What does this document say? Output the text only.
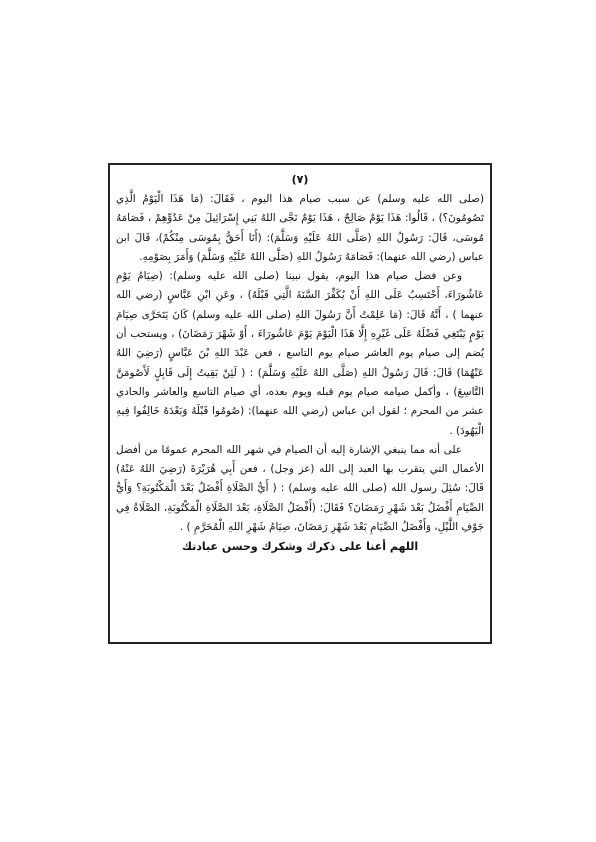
(٧)

(صلى الله عليه وسلم) عن سبب صيام هذا اليوم ، فَقَالَ: (مَا هَذَا الْيَوْمُ الَّذِي تَصُومُونَ؟) ، قَالُوا: هَذَا يَوْمٌ صَالِحٌ ، هَذَا يَوْمٌ نَجَّى اللهُ بَنِي إِسْرَائِيلَ مِنْ عَدُوِّهِمْ ، فَصَامَهُ مُوسَى، قَالَ: رَسُولُ اللهِ (صَلَّى اللهُ عَلَيْهِ وَسَلَّمَ): (أَنَا أَحَقُّ بِمُوسَى مِنْكُمْ)، قَالَ ابن عباس (رضي الله عنهما): فَصَامَهُ رَسُولُ اللهِ (صَلَّى اللهُ عَلَيْهِ وَسَلَّمَ) وَأَمَرَ بِصَوْمِهِ.

وعن فضل صيام هذا اليوم، يقول نبينا (صلى الله عليه وسلم): (صِيَامُ يَوْمِ عَاشُورَاءَ، أَحْتَسِبُ عَلَى اللهِ أَنْ يُكَفِّرَ السَّنَةَ الَّتِي قَبْلَهُ) ، وعَنِ ابْنِ عَبَّاسٍ (رضي الله عنهما ) ، أَنَّهُ قَالَ: (مَا عَلِمْتُ أَنَّ رَسُولَ اللهِ (صلى الله عليه وسلم) كَانَ يَتَحَرَّى صِيَامَ يَوْمٍ يَبْتَغِي فَضْلَهُ عَلَى غَيْرِهِ إِلَّا هَذَا الْيَوْمَ يَوْمَ عَاشُورَاءَ ، أَوْ شَهْرَ رَمَضَانَ) ، ويستحب أن يُضم إلى صيام يوم العاشر صيام يوم التاسع ، فعن عَبْدَ اللهِ بْنَ عَبَّاسٍ (رَضِيَ اللهُ عَنْهُمَا) قَالَ: قَالَ رَسُولُ اللهِ (صَلَّى اللهُ عَلَيْهِ وَسَلَّمَ) : ( لَئِنْ بَقِيتُ إِلَى قَابِلٍ لَأَصُومَنَّ التَّاسِعَ) ، وأكمل صيامه صيام يوم قبله ويوم بعده، أي صيام التاسع والعاشر والحادي عشر من المحرم ؛ لقول ابن عباس (رضي الله عنهما): (صُومُوا قَبْلَهُ وَبَعْدَهُ خَالِفُوا فِيهِ الْيَهُودَ) .

على أنه مما ينبغي الإشارة إليه أن الصيام في شهر الله المحرم عمومًا من أفضل الأعمال التي يتقرب بها العبد إلى الله (عز وجل) ، فعن أَبِي هُرَيْرَةَ (رَضِيَ اللهُ عَنْهُ) قَالَ: سُئِلَ رسول الله (صلى الله عليه وسلم) : ( أَيُّ الصَّلَاةِ أَفْضَلُ بَعْدَ الْمَكْتُوبَةِ؟ وَأَيُّ الصِّيَامِ أَفْضَلُ بَعْدَ شَهْرِ رَمَضَانَ؟ فَقَالَ: (أَفْضَلُ الصَّلَاةِ، بَعْدَ الصَّلَاةِ الْمَكْتُوبَةِ، الصَّلَاةُ فِي جَوْفِ اللَّيْلِ، وَأَفْضَلُ الصِّيَامِ بَعْدَ شَهْرِ رَمَضَانَ، صِيَامُ شَهْرِ اللهِ الْمُحَرَّمِ ) .

اللهم أعنا على ذكرك وشكرك وحسن عبادتك
